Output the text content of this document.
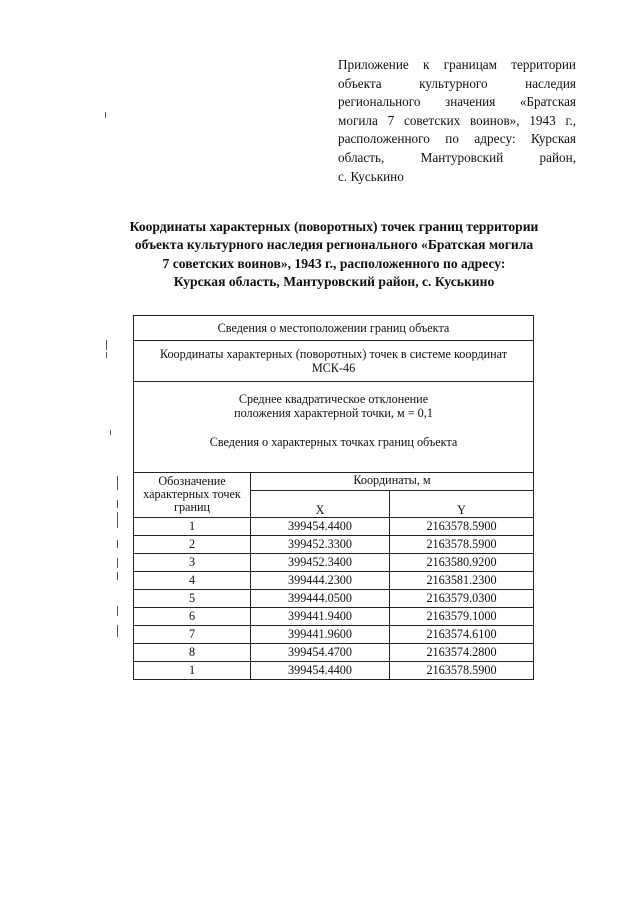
Приложение к границам территории
объекта культурного наследия
регионального значения «Братская
могила 7 советских воинов», 1943 г.,
расположенного по адресу: Курская
область, Мантуровский район,
с. Куськино
Координаты характерных (поворотных) точек границ территории
объекта культурного наследия регионального «Братская могила
7 советских воинов», 1943 г., расположенного по адресу:
Курская область, Мантуровский район, с. Куськино
Сведения о местоположении границ объекта		

Координаты характерных (поворотных) точек в системе координат
МСК-46		

Среднее квадратическое отклонение
положения характерной точки, м = 0,1
Сведения о характерных точках границ объекта		

Обозначение
характерных точек
границ	Координаты, м	
	X	Y
1	399454.4400	2163578.5900
2	399452.3300	2163578.5900
3	399452.3400	2163580.9200
4	399444.2300	2163581.2300
5	399444.0500	2163579.0300
6	399441.9400	2163579.1000
7	399441.9600	2163574.6100
8	399454.4700	2163574.2800
1	399454.4400	2163578.5900
